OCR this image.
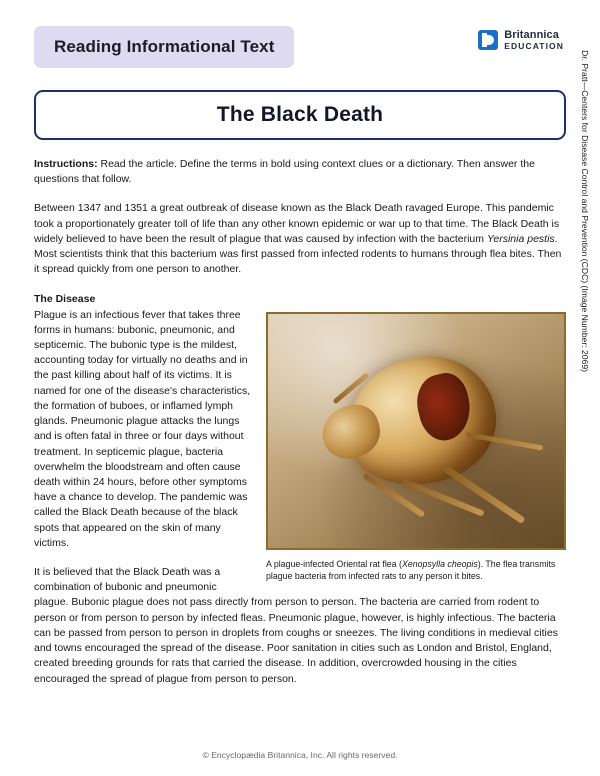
Reading Informational Text
Britannica
EDUCATION
The Black Death
Instructions: Read the article. Define the terms in bold using context clues or a dictionary. Then answer the questions that follow.
Between 1347 and 1351 a great outbreak of disease known as the Black Death ravaged Europe. This pandemic took a proportionately greater toll of life than any other known epidemic or war up to that time. The Black Death is widely believed to have been the result of plague that was caused by infection with the bacterium Yersinia pestis. Most scientists think that this bacterium was first passed from infected rodents to humans through flea bites. Then it spread quickly from one person to another.
The Disease
A plague-infected Oriental rat flea (Xenopsylla cheopis). The flea transmits plague bacteria from infected rats to any person it bites.
Plague is an infectious fever that takes three forms in humans: bubonic, pneumonic, and septicemic. The bubonic type is the mildest, accounting today for virtually no deaths and in the past killing about half of its victims. It is named for one of the disease's characteristics, the formation of buboes, or inflamed lymph glands. Pneumonic plague attacks the lungs and is often fatal in three or four days without treatment. In septicemic plague, bacteria overwhelm the bloodstream and often cause death within 24 hours, before other symptoms have a chance to develop. The pandemic was called the Black Death because of the black spots that appeared on the skin of many victims.
It is believed that the Black Death was a combination of bubonic and pneumonic plague. Bubonic plague does not pass directly from person to person. The bacteria are carried from rodent to person or from person to person by infected fleas. Pneumonic plague, however, is highly infectious. The bacteria can be passed from person to person in droplets from coughs or sneezes. The living conditions in medieval cities and towns encouraged the spread of the disease. Poor sanitation in cities such as London and Bristol, England, created breeding grounds for rats that carried the disease. In addition, overcrowded housing in the cities encouraged the spread of plague from person to person.
Dr. Pratt—Centers for Disease Control and Prevention (CDC) (Image Number: 2069)
© Encyclopædia Britannica, Inc. All rights reserved.
